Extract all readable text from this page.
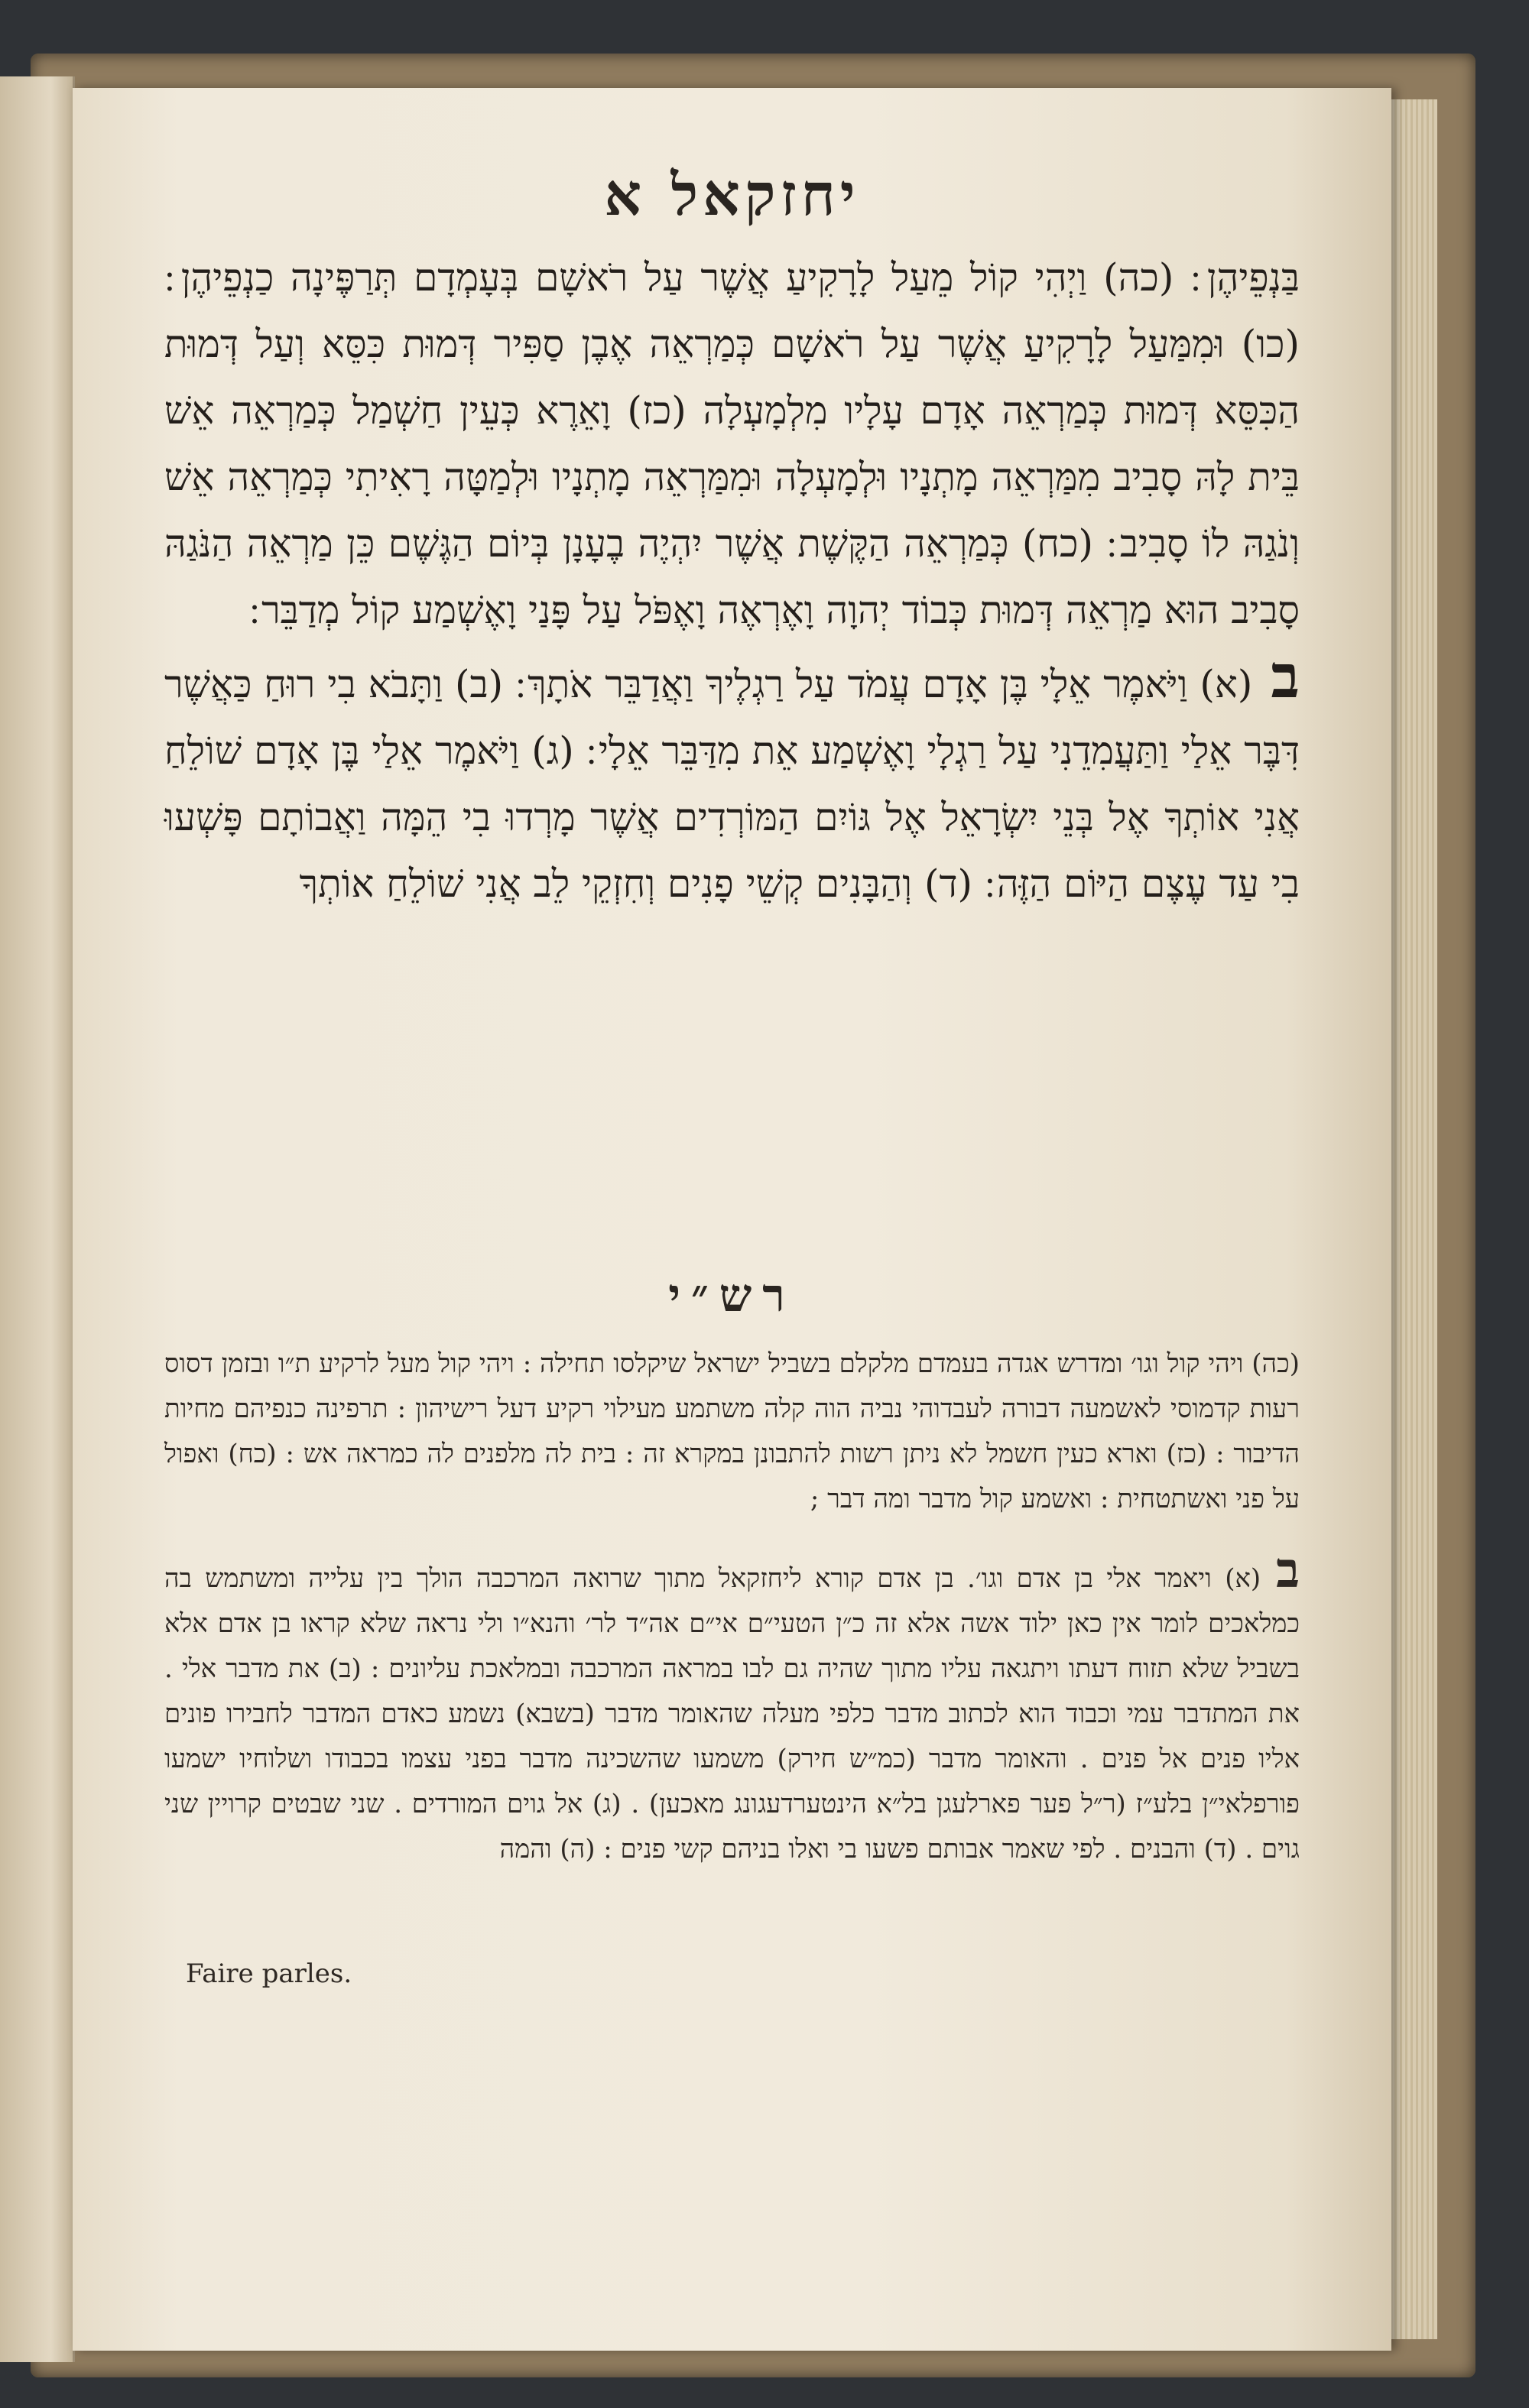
יחזקאל א

בַּנְפֵיהֶן ׃ (כה) וַיְהִי קוֹל מֵעַל לָרָקִיעַ אֲשֶׁר עַל רֹאשָׁם בְּעָמְדָם תְּרַפֶּינָה כַנְפֵיהֶן ׃ (כו) וּמִמַּעַל לָרָקִיעַ אֲשֶׁר עַל רֹאשָׁם כְּמַרְאֵה אֶבֶן סַפִּיר דְּמוּת כִּסֵּא וְעַל דְּמוּת הַכִּסֵּא דְּמוּת כְּמַרְאֵה אָדָם עָלָיו מִלְמָעְלָה (כז) וָאֵרֶא כְּעֵין חַשְׁמַל כְּמַרְאֵה אֵשׁ בֵּית לָהּ סָבִיב מִמַּרְאֵה מָתְנָיו וּלְמָעְלָה וּמִמַּרְאֵה מָתְנָיו וּלְמַטָּה רָאִיתִי כְּמַרְאֵה אֵשׁ וְנֹגַהּ לוֹ סָבִיב ׃ (כח) כְּמַרְאֵה הַקֶּשֶׁת אֲשֶׁר יִהְיֶה בֶעָנָן בְּיוֹם הַגֶּשֶׁם כֵּן מַרְאֵה הַנֹּגַהּ סָבִיב הוּא מַרְאֵה דְּמוּת כְּבוֹד יְהוָה וָאֶרְאֶה וָאֶפֹּל עַל פָּנַי וָאֶשְׁמַע קוֹל מְדַבֵּר ׃

ב(א) וַיֹּאמֶר אֵלָי בֶּן אָדָם עֲמֹד עַל רַגְלֶיךָ וַאֲדַבֵּר אֹתָךְ ׃ (ב) וַתָּבֹא בִי רוּחַ כַּאֲשֶׁר דִּבֶּר אֵלַי וַתַּעֲמִדֵנִי עַל רַגְלָי וָאֶשְׁמַע אֵת מִדַּבֵּר אֵלָי ׃ (ג) וַיֹּאמֶר אֵלַי בֶּן אָדָם שׁוֹלֵחַ אֲנִי אוֹתְךָ אֶל בְּנֵי יִשְׂרָאֵל אֶל גּוֹיִם הַמּוֹרְדִים אֲשֶׁר מָרְדוּ בִי הֵמָּה וַאֲבוֹתָם פָּשְׁעוּ בִי עַד עֶצֶם הַיּוֹם הַזֶּה ׃ (ד) וְהַבָּנִים קְשֵׁי פָנִים וְחִזְקֵי לֵב אֲנִי שׁוֹלֵחַ אוֹתְךָ

רש״י

(כה) ויהי קול וגו׳ ומדרש אגדה בעמדם מלקלם בשביל ישראל שיקלסו תחילה : ויהי קול מעל לרקיע ת״ו ובזמן דסוס רעות קדמוסי לאשמעה דבורה לעבדוהי נביה הוה קלה משתמע מעילוי רקיע דעל רישיהון : תרפינה כנפיהם מחיות הדיבור : (כז) וארא כעין חשמל לא ניתן רשות להתבונן במקרא זה : בית לה מלפנים לה כמראה אש : (כח) ואפול על פני ואשתטחית : ואשמע קול מדבר ומה דבר ;

ב(א) ויאמר אלי בן אדם וגו׳. בן אדם קורא ליחזקאל מתוך שרואה המרכבה הולך בין עלייה ומשתמש בה כמלאכים לומר אין כאן ילוד אשה אלא זה כ״ן הטעי״ם אי״ם אה״ד לר׳ והנא״ו ולי נראה שלא קראו בן אדם אלא בשביל שלא תזוח דעתו ויתגאה עליו מתוך שהיה גם לבו במראה המרכבה ובמלאכת עליונים : (ב) את מדבר אלי . את המתדבר עמי וכבוד הוא לכתוב מדבר כלפי מעלה שהאומר מדבר (בשבא) נשמע כאדם המדבר לחבירו פונים אליו פנים אל פנים . והאומר מדבר (כמ״ש חירק) משמעו שהשכינה מדבר בפני עצמו בכבודו ושלוחיו ישמעו פורפלאי״ן בלע״ז (ר״ל פער פארלעגן בל״א הינטערדעגונג מאכען) . (ג) אל גוים המורדים . שני שבטים קרויין שני גוים . (ד) והבנים . לפי שאמר אבותם פשעו בי ואלו בניהם קשי פנים : (ה) והמה

Faire parles.
